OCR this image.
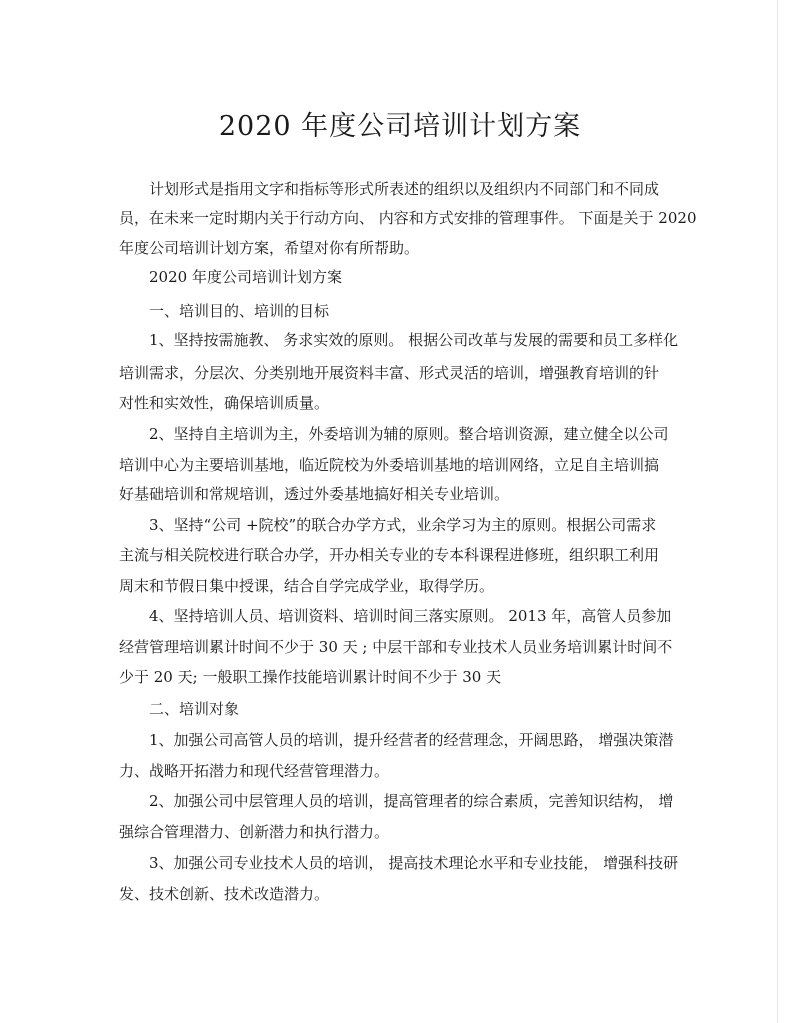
2020 年度公司培训计划方案
计划形式是指用文字和指标等形式所表述的组织以及组织内不同部门和不同成
员，在未来一定时期内关于行动方向、 内容和方式安排的管理事件。 下面是关于 2020
年度公司培训计划方案，希望对你有所帮助。
2020 年度公司培训计划方案
一、培训目的、培训的目标
1、坚持按需施教、 务求实效的原则。 根据公司改革与发展的需要和员工多样化
培训需求，分层次、分类别地开展资料丰富、形式灵活的培训，增强教育培训的针
对性和实效性，确保培训质量。
2、坚持自主培训为主，外委培训为辅的原则。整合培训资源，建立健全以公司
培训中心为主要培训基地，临近院校为外委培训基地的培训网络，立足自主培训搞
好基础培训和常规培训，透过外委基地搞好相关专业培训。
3、坚持“公司 +院校”的联合办学方式，业余学习为主的原则。根据公司需求
主流与相关院校进行联合办学，开办相关专业的专本科课程进修班，组织职工利用
周末和节假日集中授课，结合自学完成学业，取得学历。
4、坚持培训人员、培训资料、培训时间三落实原则。 2013 年，高管人员参加
经营管理培训累计时间不少于 30 天 ; 中层干部和专业技术人员业务培训累计时间不
少于 20 天; 一般职工操作技能培训累计时间不少于 30 天
二、培训对象
1、加强公司高管人员的培训，提升经营者的经营理念，开阔思路， 增强决策潜
力、战略开拓潜力和现代经营管理潜力。
2、加强公司中层管理人员的培训，提高管理者的综合素质，完善知识结构， 增
强综合管理潜力、创新潜力和执行潜力。
3、加强公司专业技术人员的培训， 提高技术理论水平和专业技能， 增强科技研
发、技术创新、技术改造潜力。
